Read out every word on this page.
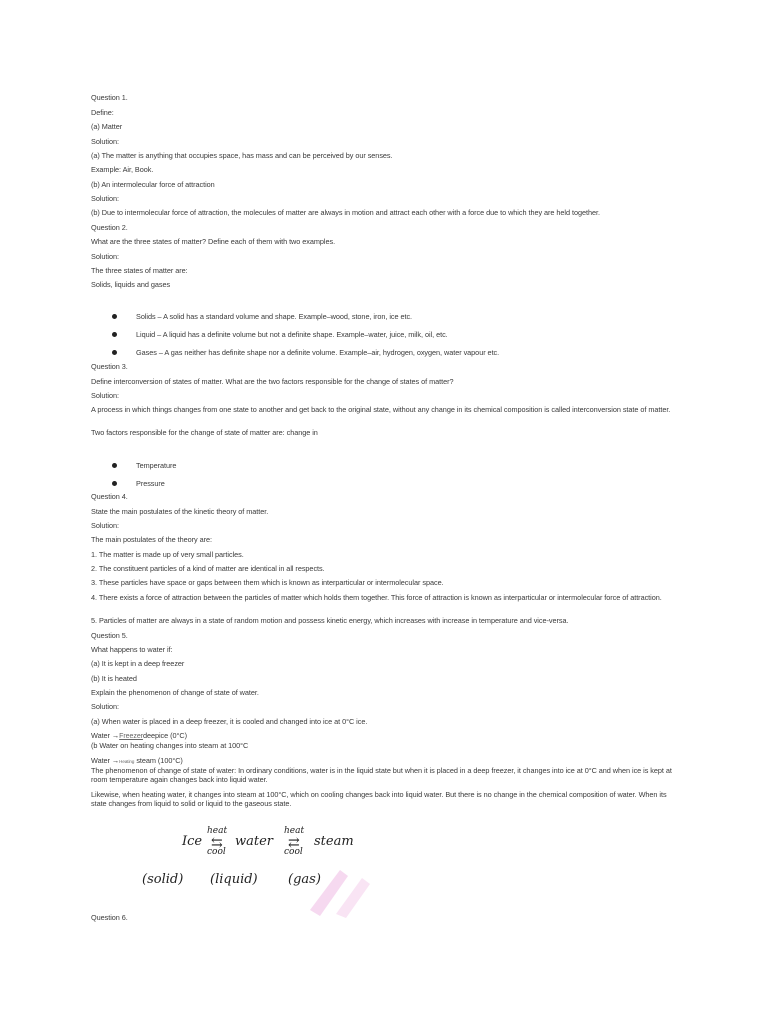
Question 1.
Define:
(a) Matter
Solution:
(a) The matter is anything that occupies space, has mass and can be perceived by our senses.
Example: Air, Book.
(b) An intermolecular force of attraction
Solution:
(b) Due to intermolecular force of attraction, the molecules of matter are always in motion and attract each other with a force due to which they are held together.
Question 2.
What are the three states of matter? Define each of them with two examples.
Solution:
The three states of matter are:
Solids, liquids and gases
Solids – A solid has a standard volume and shape. Example–wood, stone, iron, ice etc.
Liquid – A liquid has a definite volume but not a definite shape. Example–water, juice, milk, oil, etc.
Gases – A gas neither has definite shape nor a definite volume. Example–air, hydrogen, oxygen, water vapour etc.
Question 3.
Define interconversion of states of matter. What are the two factors responsible for the change of states of matter?
Solution:
A process in which things changes from one state to another and get back to the original state, without any change in its chemical composition is called interconversion state of matter.
Two factors responsible for the change of state of matter are: change in
Temperature
Pressure
Question 4.
State the main postulates of the kinetic theory of matter.
Solution:
The main postulates of the theory are:
1. The matter is made up of very small particles.
2. The constituent particles of a kind of matter are identical in all respects.
3. These particles have space or gaps between them which is known as interparticular or intermolecular space.
4. There exists a force of attraction between the particles of matter which holds them together. This force of attraction is known as interparticular or intermolecular force of attraction.
5. Particles of matter are always in a state of random motion and possess kinetic energy, which increases with increase in temperature and vice-versa.
Question 5.
What happens to water if:
(a) It is kept in a deep freezer
(b) It is heated
Explain the phenomenon of change of state of water.
Solution:
(a) When water is placed in a deep freezer, it is cooled and changed into ice at 0°C ice.
Water →Freezerdeepice (0°C)
(b Water on heating changes into steam at 100°C
Water →Heating steam (100°C)
The phenomenon of change of state of water: In ordinary conditions, water is in the liquid state but when it is placed in a deep freezer, it changes into ice at 0°C and when ice is kept at room temperature again changes back into liquid water.
Likewise, when heating water, it changes into steam at 100°C, which on cooling changes back into liquid water. But there is no change in the chemical composition of water. When its state changes from liquid to solid or liquid to the gaseous state.
Ice
heat
⇆
cool
water
heat
⇄
cool
steam
(solid) (liquid) (gas)
Question 6.
